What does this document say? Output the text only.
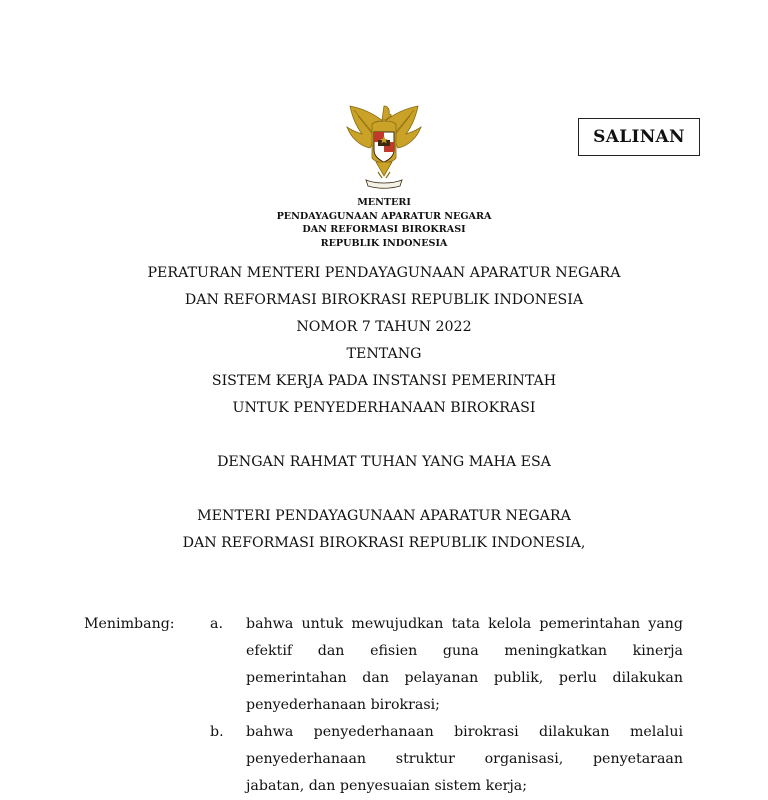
SALINAN
MENTERI
PENDAYAGUNAAN APARATUR NEGARA
DAN REFORMASI BIROKRASI
REPUBLIK INDONESIA
PERATURAN MENTERI PENDAYAGUNAAN APARATUR NEGARA
DAN REFORMASI BIROKRASI REPUBLIK INDONESIA
NOMOR 7 TAHUN 2022
TENTANG
SISTEM KERJA PADA INSTANSI PEMERINTAH
UNTUK PENYEDERHANAAN BIROKRASI
DENGAN RAHMAT TUHAN YANG MAHA ESA
MENTERI PENDAYAGUNAAN APARATUR NEGARA
DAN REFORMASI BIROKRASI REPUBLIK INDONESIA,
Menimbang: a. bahwa untuk mewujudkan tata kelola pemerintahan yang
efektif dan efisien guna meningkatkan kinerja
pemerintahan dan pelayanan publik, perlu dilakukan
penyederhanaan birokrasi;
b. bahwa penyederhanaan birokrasi dilakukan melalui
penyederhanaan struktur organisasi, penyetaraan
jabatan, dan penyesuaian sistem kerja;
